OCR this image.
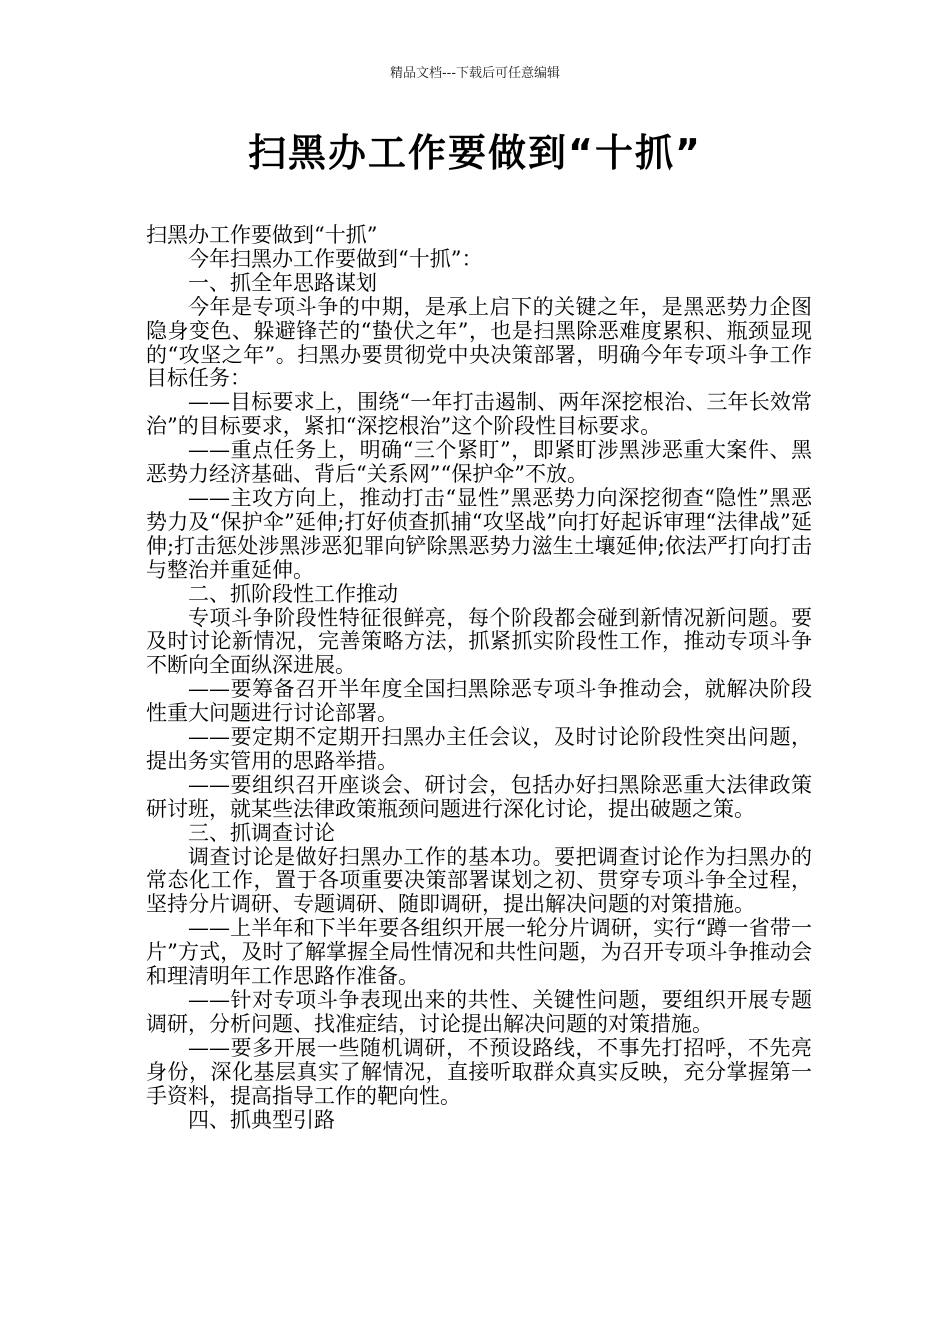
精品文档---下载后可任意编辑
扫黑办工作要做到“十抓”

扫黑办工作要做到“十抓”

今年扫黑办工作要做到“十抓”：

一、抓全年思路谋划

今年是专项斗争的中期，是承上启下的关键之年，是黑恶势力企图隐身变色、躲避锋芒的“蛰伏之年”，也是扫黑除恶难度累积、瓶颈显现的“攻坚之年”。扫黑办要贯彻党中央决策部署，明确今年专项斗争工作目标任务：

——目标要求上，围绕“一年打击遏制、两年深挖根治、三年长效常治”的目标要求，紧扣“深挖根治”这个阶段性目标要求。

——重点任务上，明确“三个紧盯”，即紧盯涉黑涉恶重大案件、黑恶势力经济基础、背后“关系网”“保护伞”不放。

——主攻方向上，推动打击“显性”黑恶势力向深挖彻查“隐性”黑恶势力及“保护伞”延伸;打好侦查抓捕“攻坚战”向打好起诉审理“法律战”延伸;打击惩处涉黑涉恶犯罪向铲除黑恶势力滋生土壤延伸;依法严打向打击与整治并重延伸。

二、抓阶段性工作推动

专项斗争阶段性特征很鲜亮，每个阶段都会碰到新情况新问题。要及时讨论新情况，完善策略方法，抓紧抓实阶段性工作，推动专项斗争不断向全面纵深进展。

——要筹备召开半年度全国扫黑除恶专项斗争推动会，就解决阶段性重大问题进行讨论部署。

——要定期不定期开扫黑办主任会议，及时讨论阶段性突出问题，提出务实管用的思路举措。

——要组织召开座谈会、研讨会，包括办好扫黑除恶重大法律政策研讨班，就某些法律政策瓶颈问题进行深化讨论，提出破题之策。

三、抓调查讨论

调查讨论是做好扫黑办工作的基本功。要把调查讨论作为扫黑办的常态化工作，置于各项重要决策部署谋划之初、贯穿专项斗争全过程，坚持分片调研、专题调研、随即调研，提出解决问题的对策措施。

——上半年和下半年要各组织开展一轮分片调研，实行“蹲一省带一片”方式，及时了解掌握全局性情况和共性问题，为召开专项斗争推动会和理清明年工作思路作准备。

——针对专项斗争表现出来的共性、关键性问题，要组织开展专题调研，分析问题、找准症结，讨论提出解决问题的对策措施。

——要多开展一些随机调研，不预设路线，不事先打招呼，不先亮身份，深化基层真实了解情况，直接听取群众真实反映，充分掌握第一手资料，提高指导工作的靶向性。

四、抓典型引路
